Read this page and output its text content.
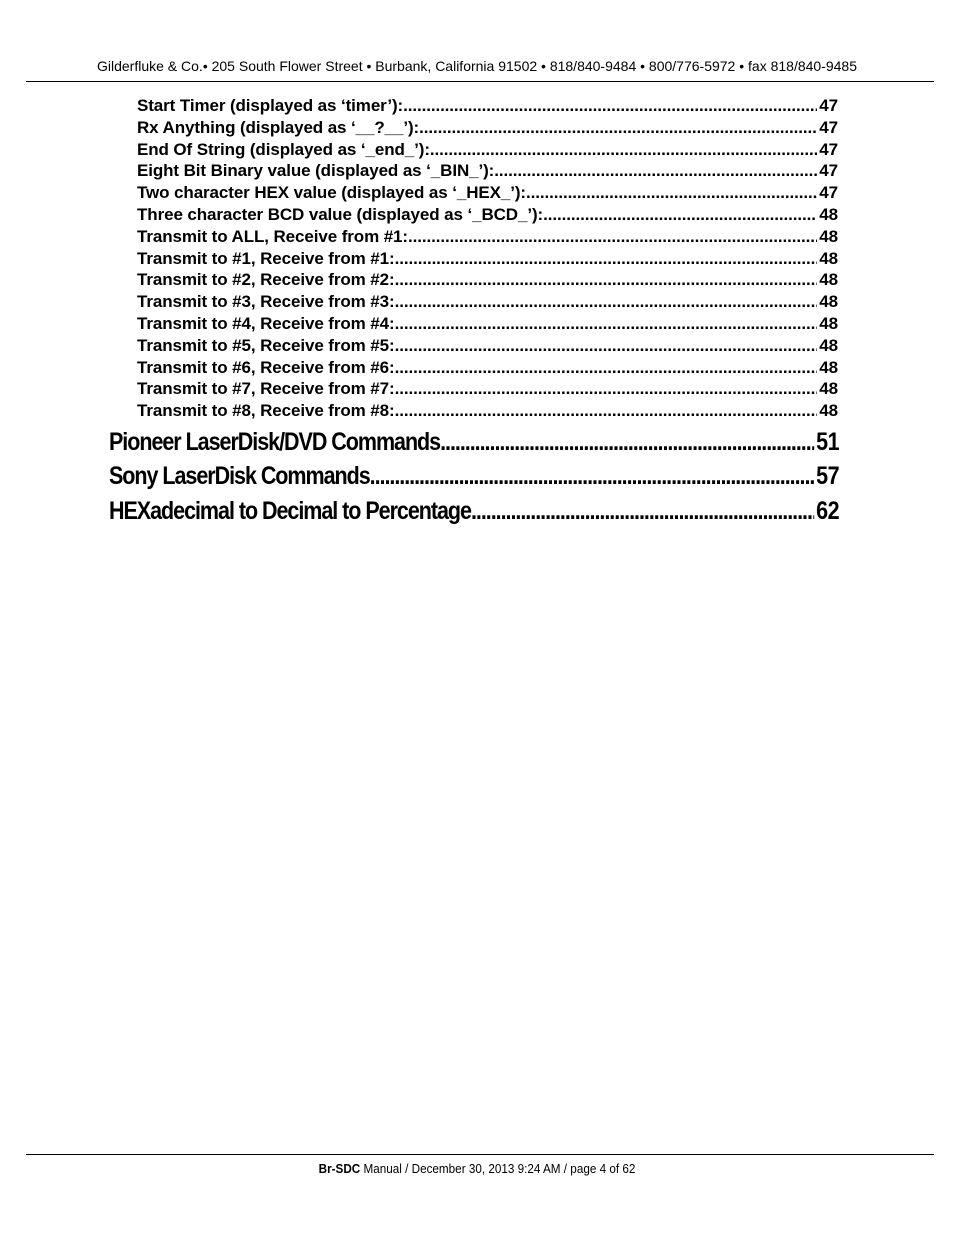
Gilderfluke & Co.• 205 South Flower Street • Burbank, California 91502 • 818/840-9484 • 800/776-5972 • fax 818/840-9485
Start Timer (displayed as ‘timer’): .....	47
Rx Anything (displayed as ‘__?__’): .....	47
End Of String (displayed as ‘_end_’): .....	47
Eight Bit Binary value (displayed as ‘_BIN_’): .....	47
Two character HEX value (displayed as ‘_HEX_’): .....	47
Three character BCD value (displayed as ‘_BCD_’): .....	48
Transmit to ALL, Receive from #1: .....	48
Transmit to #1, Receive from #1: .....	48
Transmit to #2, Receive from #2: .....	48
Transmit to #3, Receive from #3: .....	48
Transmit to #4, Receive from #4: .....	48
Transmit to #5, Receive from #5: .....	48
Transmit to #6, Receive from #6: .....	48
Transmit to #7, Receive from #7: .....	48
Transmit to #8, Receive from #8: .....	48
Pioneer LaserDisk/DVD Commands .....	51
Sony LaserDisk Commands .....	57
HEXadecimal to Decimal to Percentage .....	62
Br-SDC Manual / December 30, 2013 9:24 AM / page 4 of 62
